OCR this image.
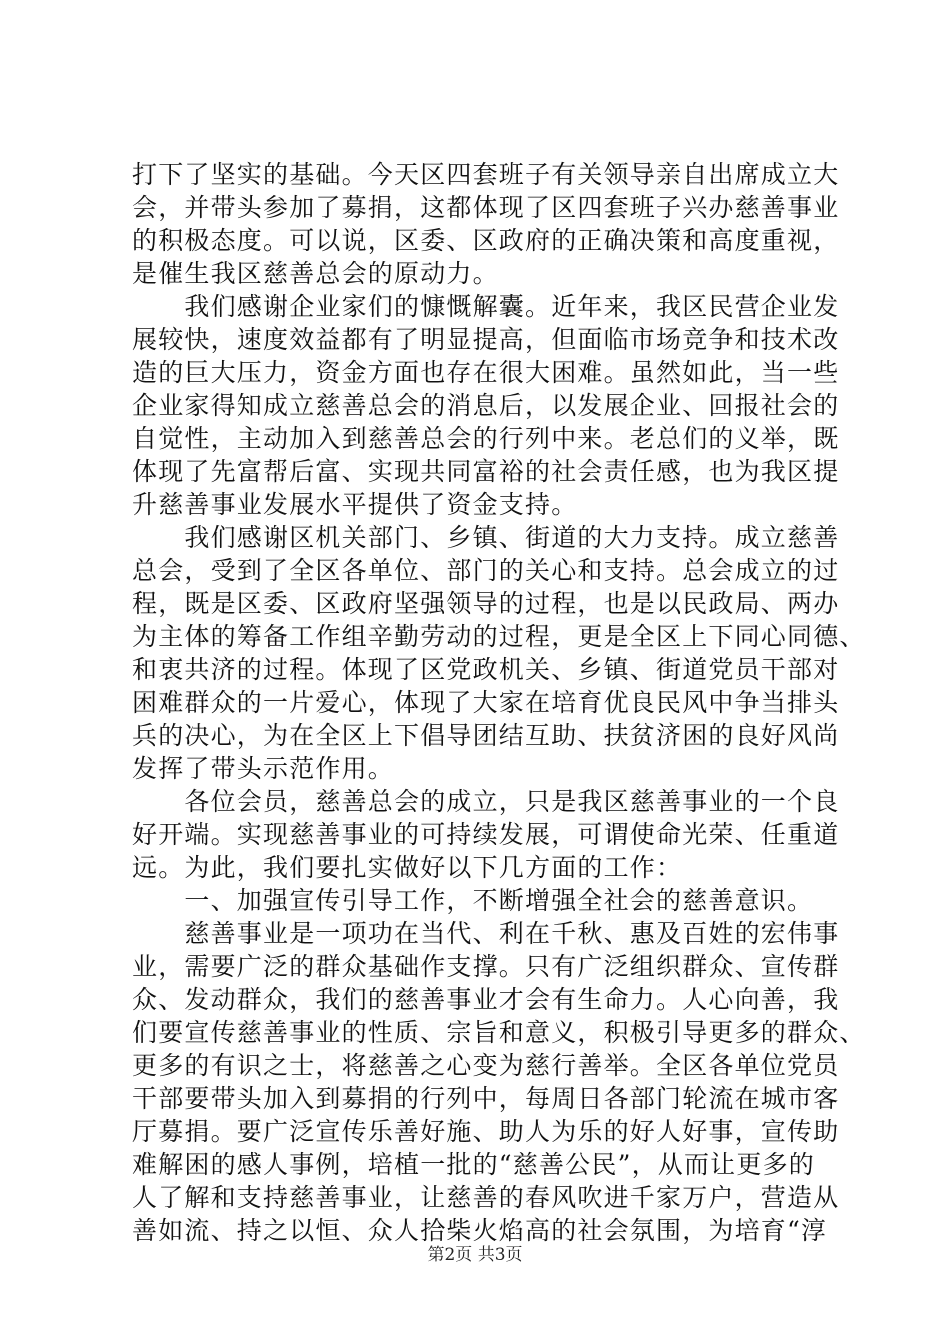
打下了坚实的基础。今天区四套班子有关领导亲自出席成立大
会，并带头参加了募捐，这都体现了区四套班子兴办慈善事业
的积极态度。可以说，区委、区政府的正确决策和高度重视，
是催生我区慈善总会的原动力。
　　我们感谢企业家们的慷慨解囊。近年来，我区民营企业发
展较快，速度效益都有了明显提高，但面临市场竞争和技术改
造的巨大压力，资金方面也存在很大困难。虽然如此，当一些
企业家得知成立慈善总会的消息后，以发展企业、回报社会的
自觉性，主动加入到慈善总会的行列中来。老总们的义举，既
体现了先富帮后富、实现共同富裕的社会责任感，也为我区提
升慈善事业发展水平提供了资金支持。
　　我们感谢区机关部门、乡镇、街道的大力支持。成立慈善
总会，受到了全区各单位、部门的关心和支持。总会成立的过
程，既是区委、区政府坚强领导的过程，也是以民政局、两办
为主体的筹备工作组辛勤劳动的过程，更是全区上下同心同德、
和衷共济的过程。体现了区党政机关、乡镇、街道党员干部对
困难群众的一片爱心，体现了大家在培育优良民风中争当排头
兵的决心，为在全区上下倡导团结互助、扶贫济困的良好风尚
发挥了带头示范作用。
　　各位会员，慈善总会的成立，只是我区慈善事业的一个良
好开端。实现慈善事业的可持续发展，可谓使命光荣、任重道
远。为此，我们要扎实做好以下几方面的工作：
　　一、加强宣传引导工作，不断增强全社会的慈善意识。
　　慈善事业是一项功在当代、利在千秋、惠及百姓的宏伟事
业，需要广泛的群众基础作支撑。只有广泛组织群众、宣传群
众、发动群众，我们的慈善事业才会有生命力。人心向善，我
们要宣传慈善事业的性质、宗旨和意义，积极引导更多的群众、
更多的有识之士，将慈善之心变为慈行善举。全区各单位党员
干部要带头加入到募捐的行列中，每周日各部门轮流在城市客
厅募捐。要广泛宣传乐善好施、助人为乐的好人好事，宣传助
难解困的感人事例，培植一批的“慈善公民”，从而让更多的
人了解和支持慈善事业，让慈善的春风吹进千家万户，营造从
善如流、持之以恒、众人拾柴火焰高的社会氛围，为培育“淳
第2页 共3页
